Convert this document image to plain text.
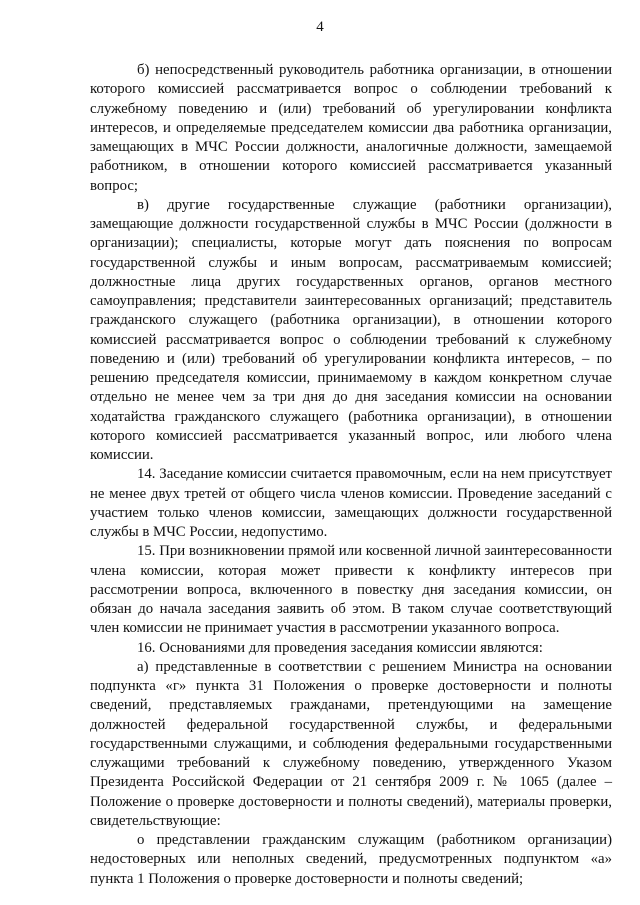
4

б) непосредственный руководитель работника организации, в отношении которого комиссией рассматривается вопрос о соблюдении требований к служебному поведению и (или) требований об урегулировании конфликта интересов, и определяемые председателем комиссии два работника организации, замещающих в МЧС России должности, аналогичные должности, замещаемой работником, в отношении которого комиссией рассматривается указанный вопрос;

в) другие государственные служащие (работники организации), замещающие должности государственной службы в МЧС России (должности в организации); специалисты, которые могут дать пояснения по вопросам государственной службы и иным вопросам, рассматриваемым комиссией; должностные лица других государственных органов, органов местного самоуправления; представители заинтересованных организаций; представитель гражданского служащего (работника организации), в отношении которого комиссией рассматривается вопрос о соблюдении требований к служебному поведению и (или) требований об урегулировании конфликта интересов, – по решению председателя комиссии, принимаемому в каждом конкретном случае отдельно не менее чем за три дня до дня заседания комиссии на основании ходатайства гражданского служащего (работника организации), в отношении которого комиссией рассматривается указанный вопрос, или любого члена комиссии.

14. Заседание комиссии считается правомочным, если на нем присутствует не менее двух третей от общего числа членов комиссии. Проведение заседаний с участием только членов комиссии, замещающих должности государственной службы в МЧС России, недопустимо.

15. При возникновении прямой или косвенной личной заинтересованности члена комиссии, которая может привести к конфликту интересов при рассмотрении вопроса, включенного в повестку дня заседания комиссии, он обязан до начала заседания заявить об этом. В таком случае соответствующий член комиссии не принимает участия в рассмотрении указанного вопроса.

16. Основаниями для проведения заседания комиссии являются:

а) представленные в соответствии с решением Министра на основании подпункта «г» пункта 31 Положения о проверке достоверности и полноты сведений, представляемых гражданами, претендующими на замещение должностей федеральной государственной службы, и федеральными государственными служащими, и соблюдения федеральными государственными служащими требований к служебному поведению, утвержденного Указом Президента Российской Федерации от 21 сентября 2009 г. № 1065 (далее – Положение о проверке достоверности и полноты сведений), материалы проверки, свидетельствующие:

о представлении гражданским служащим (работником организации) недостоверных или неполных сведений, предусмотренных подпунктом «а» пункта 1 Положения о проверке достоверности и полноты сведений;
